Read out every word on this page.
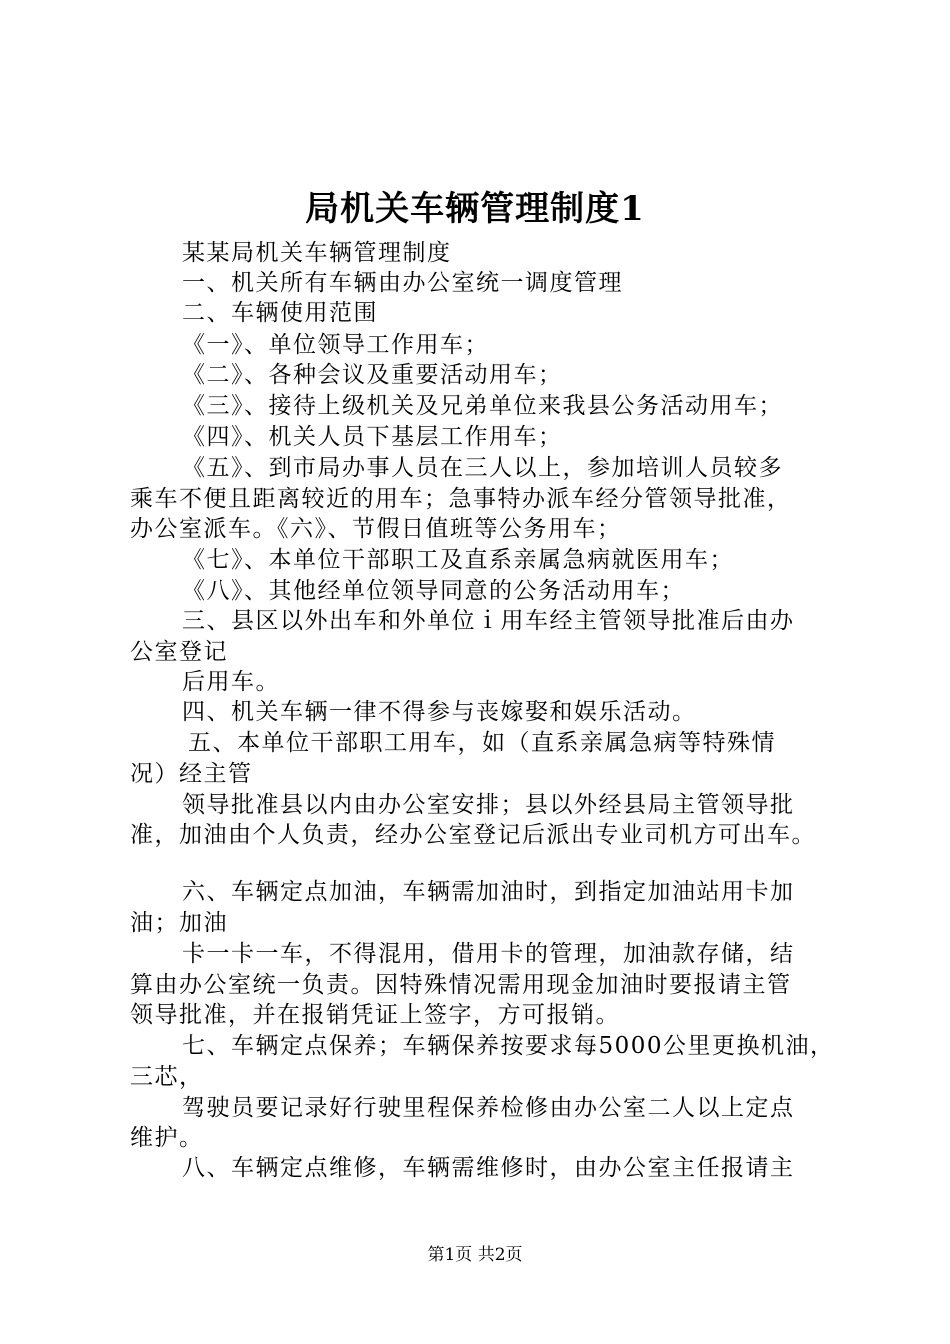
局机关车辆管理制度1
某某局机关车辆管理制度
一、机关所有车辆由办公室统一调度管理
二、车辆使用范围
《一》、单位领导工作用车；
《二》、各种会议及重要活动用车；
《三》、接待上级机关及兄弟单位来我县公务活动用车；
《四》、机关人员下基层工作用车；
《五》、到市局办事人员在三人以上，参加培训人员较多
乘车不便且距离较近的用车；急事特办派车经分管领导批准，
办公室派车。《六》、节假日值班等公务用车；
《七》、本单位干部职工及直系亲属急病就医用车；
《八》、其他经单位领导同意的公务活动用车；
三、县区以外出车和外单位ｉ用车经主管领导批准后由办
公室登记
后用车。
四、机关车辆一律不得参与丧嫁娶和娱乐活动。
五、本单位干部职工用车，如（直系亲属急病等特殊情
况）经主管
领导批准县以内由办公室安排；县以外经县局主管领导批
准，加油由个人负责，经办公室登记后派出专业司机方可出车。
六、车辆定点加油，车辆需加油时，到指定加油站用卡加
油；加油
卡一卡一车，不得混用，借用卡的管理，加油款存储，结
算由办公室统一负责。因特殊情况需用现金加油时要报请主管
领导批准，并在报销凭证上签字，方可报销。
七、车辆定点保养；车辆保养按要求每5000公里更换机油，
三芯，
驾驶员要记录好行驶里程保养检修由办公室二人以上定点
维护。
八、车辆定点维修，车辆需维修时，由办公室主任报请主
第1页 共2页
